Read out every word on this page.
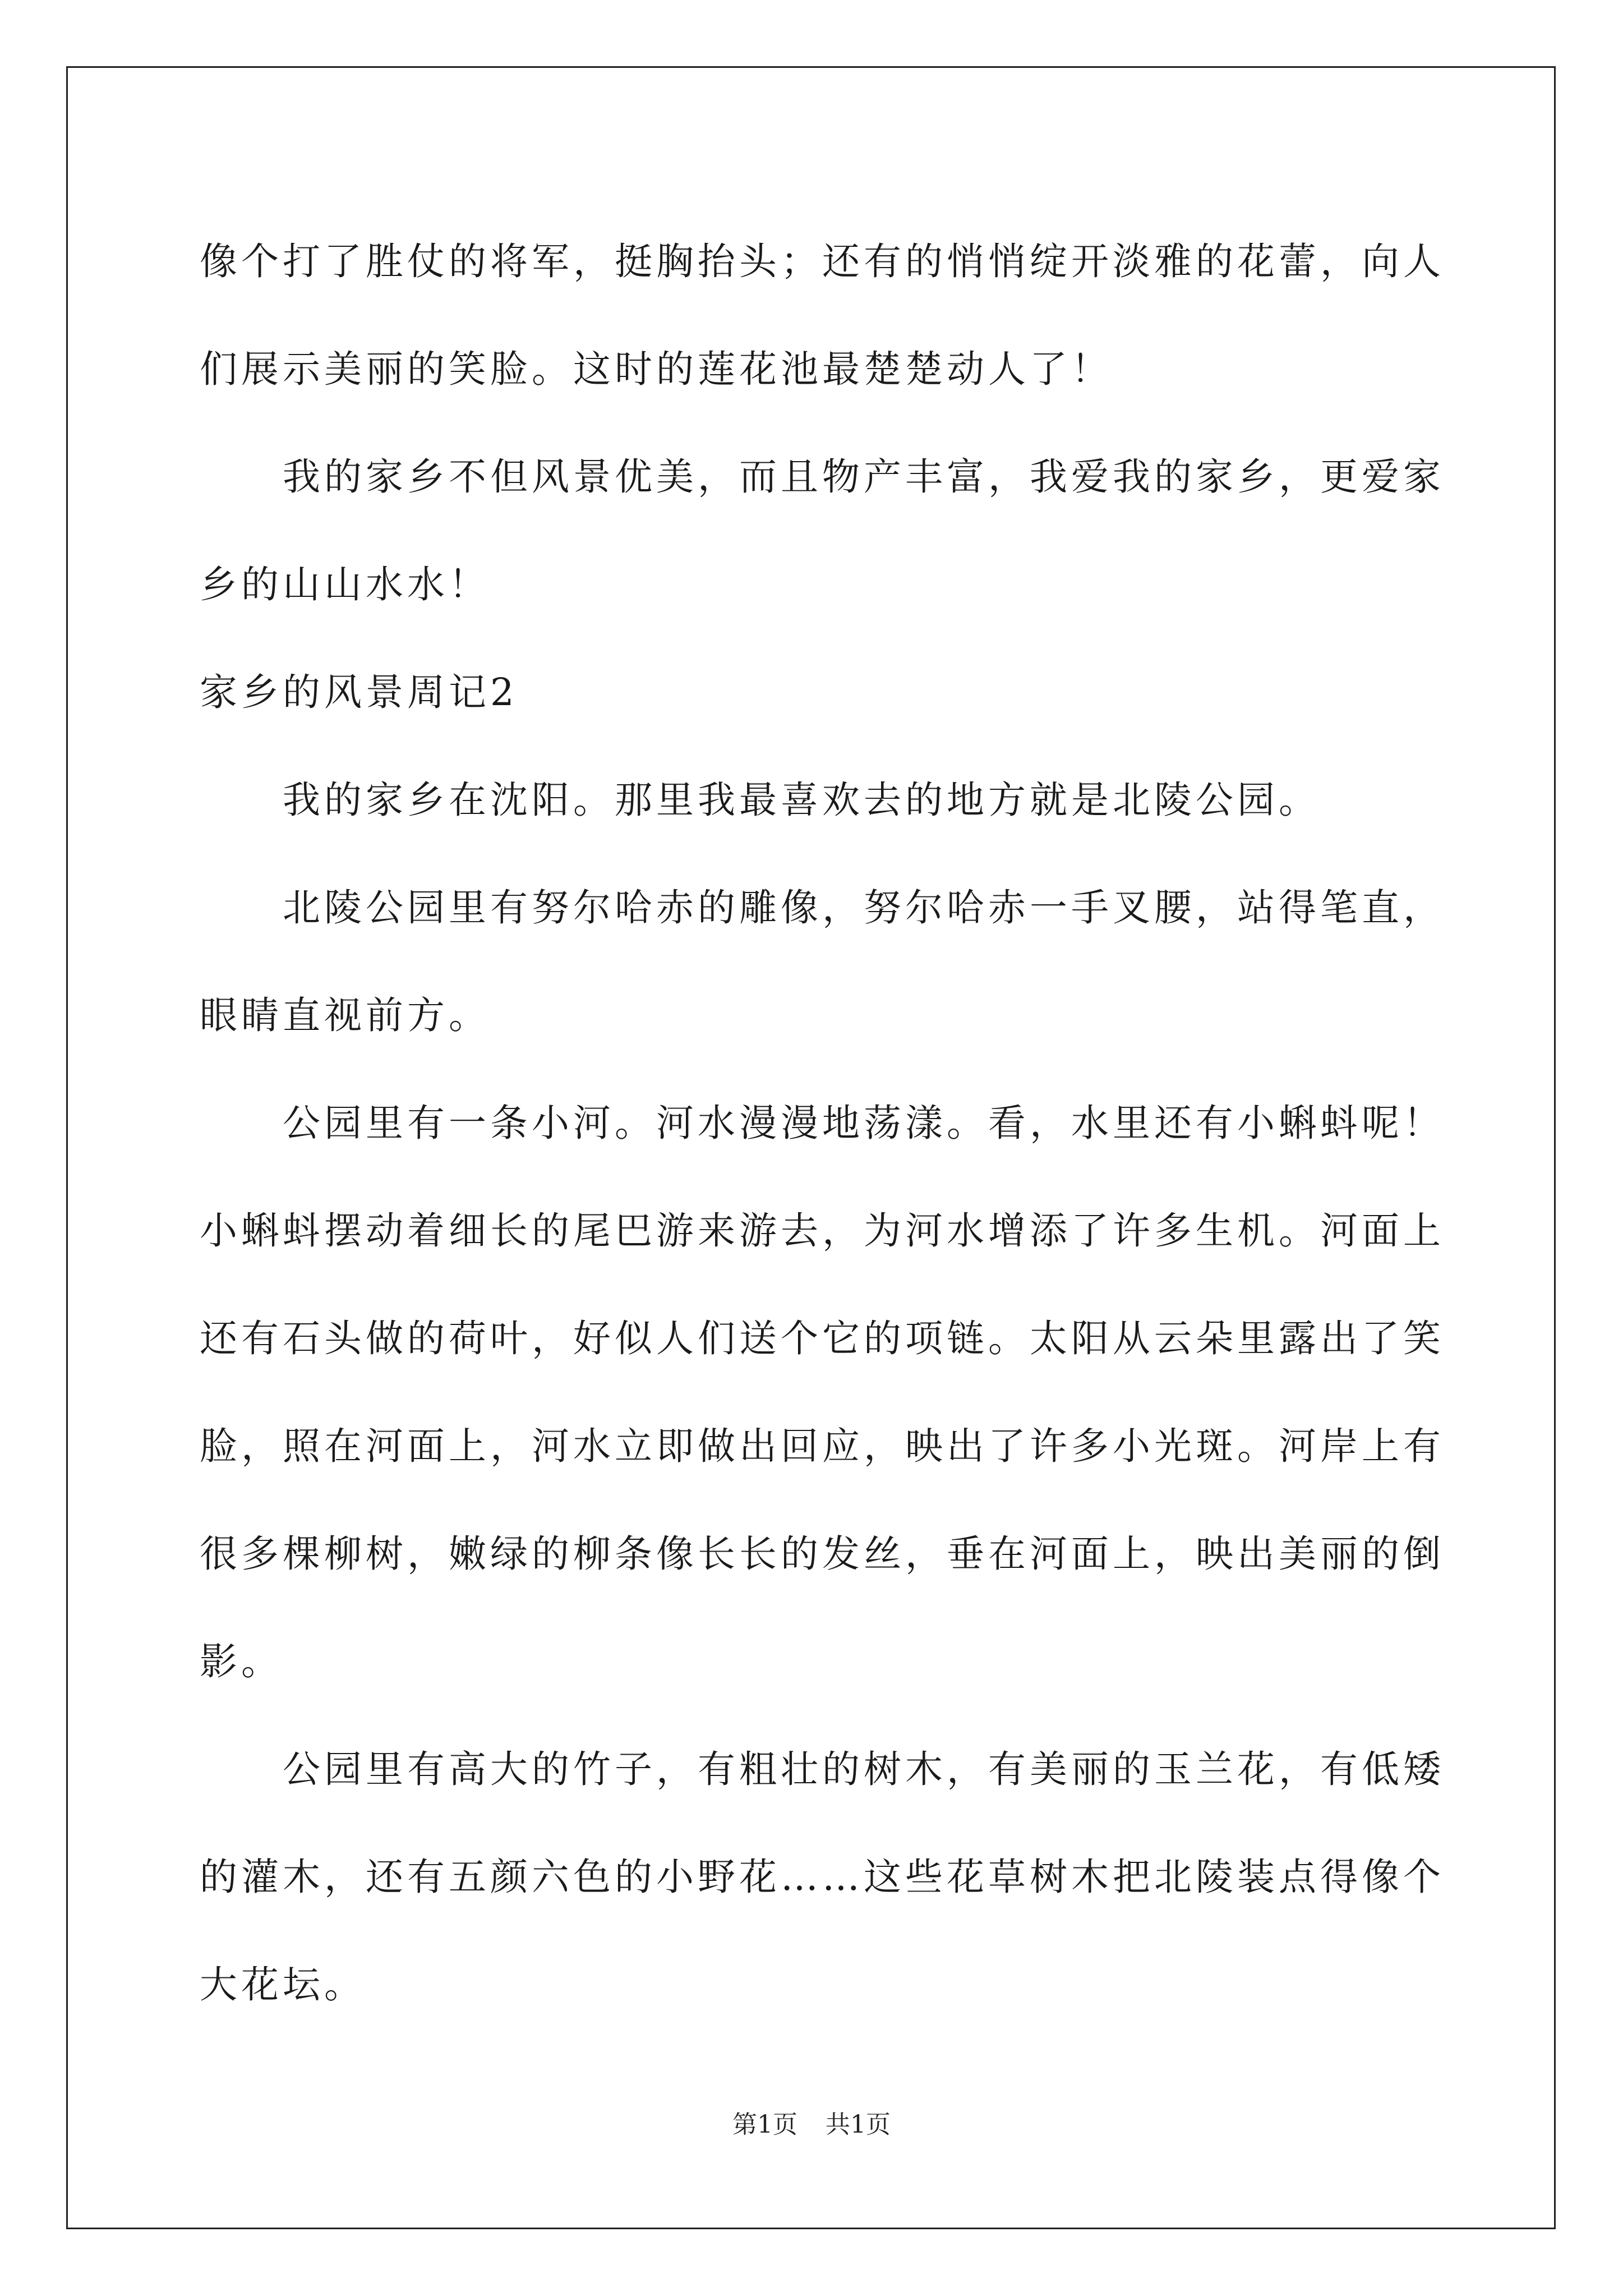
像个打了胜仗的将军，挺胸抬头；还有的悄悄绽开淡雅的花蕾，向人
们展示美丽的笑脸。这时的莲花池最楚楚动人了！
我的家乡不但风景优美，而且物产丰富，我爱我的家乡，更爱家
乡的山山水水！
家乡的风景周记2
我的家乡在沈阳。那里我最喜欢去的地方就是北陵公园。
北陵公园里有努尔哈赤的雕像，努尔哈赤一手叉腰，站得笔直，
眼睛直视前方。
公园里有一条小河。河水漫漫地荡漾。看，水里还有小蝌蚪呢！
小蝌蚪摆动着细长的尾巴游来游去，为河水增添了许多生机。河面上
还有石头做的荷叶，好似人们送个它的项链。太阳从云朵里露出了笑
脸，照在河面上，河水立即做出回应，映出了许多小光斑。河岸上有
很多棵柳树，嫩绿的柳条像长长的发丝，垂在河面上，映出美丽的倒
影。
公园里有高大的竹子，有粗壮的树木，有美丽的玉兰花，有低矮
的灌木，还有五颜六色的小野花……这些花草树木把北陵装点得像个
大花坛。
第1页 共1页
